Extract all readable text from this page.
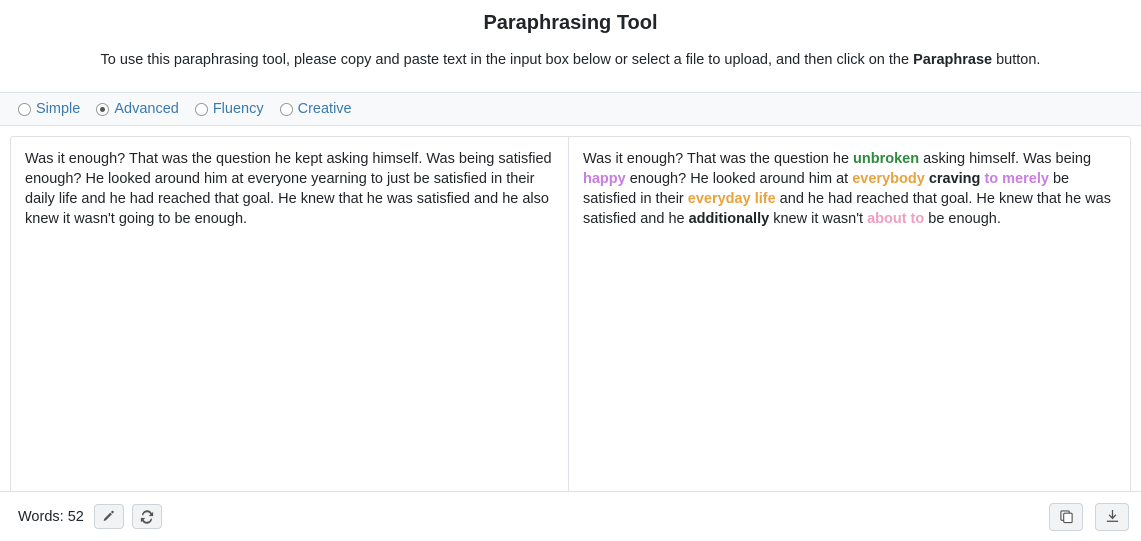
Paraphrasing Tool
To use this paraphrasing tool, please copy and paste text in the input box below or select a file to upload, and then click on the Paraphrase button.
Simple Advanced Fluency Creative
Was it enough? That was the question he kept asking himself. Was being satisfied enough? He looked around him at everyone yearning to just be satisfied in their daily life and he had reached that goal. He knew that he was satisfied and he also knew it wasn't going to be enough.
Was it enough? That was the question he unbroken asking himself. Was being happy enough? He looked around him at everybody craving to merely be satisfied in their everyday life and he had reached that goal. He knew that he was satisfied and he additionally knew it wasn't about to be enough.
Words: 52
